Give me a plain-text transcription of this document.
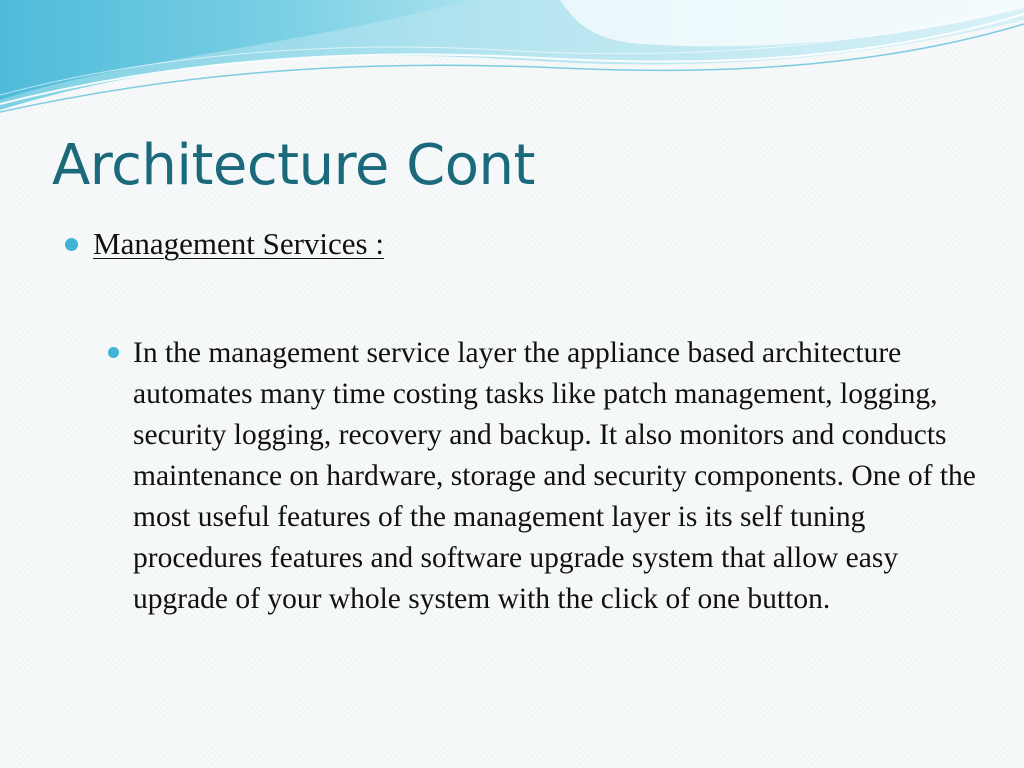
Architecture Cont
Management Services :

In the management service layer the appliance based architecture automates many time costing tasks like patch management, logging, security logging, recovery and backup. It also monitors and conducts maintenance on hardware, storage and security components. One of the most useful features of the management layer is its self tuning procedures features and software upgrade system that allow easy upgrade of your whole system with the click of one button.
